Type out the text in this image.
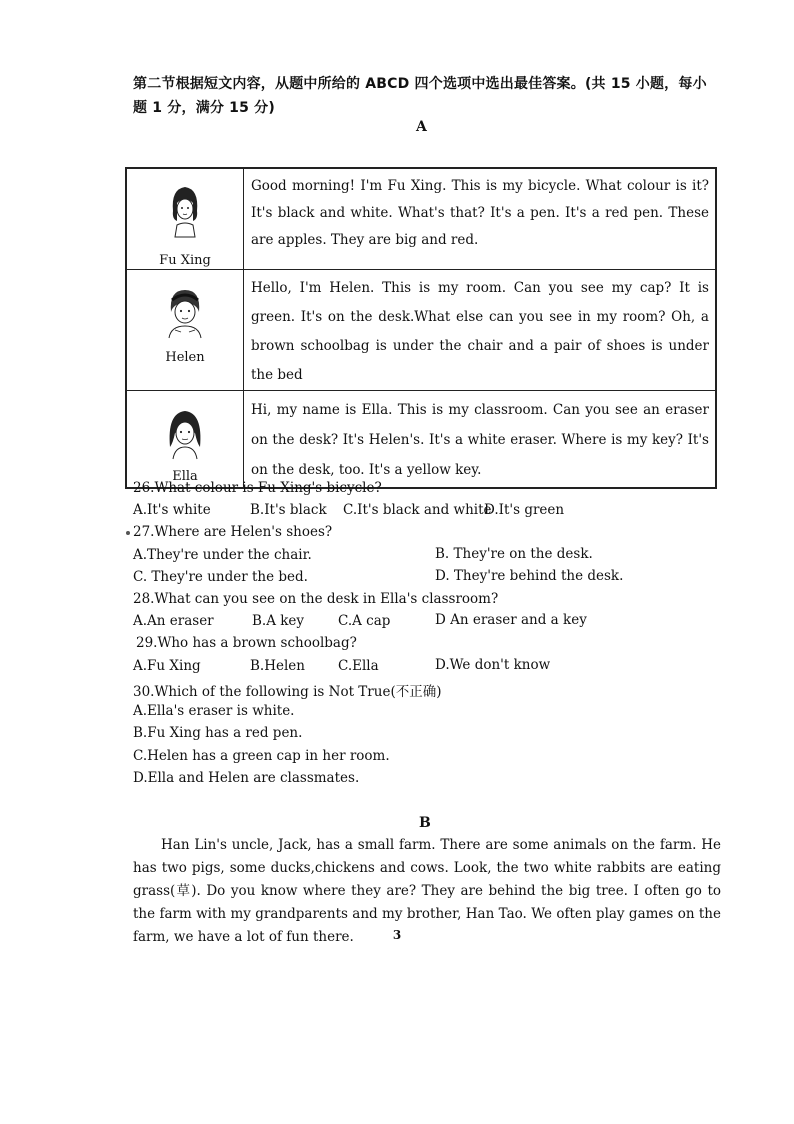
第二节根据短文内容，从题中所给的 ABCD 四个选项中选出最佳答案。(共 15 小题，每小
题 1 分，满分 15 分)
A
Fu Xing	Good morning! I'm Fu Xing. This is my bicycle. What colour is it? It's black and white. What's that? It's a pen. It's a red pen. These are apples. They are big and red.

Helen	Hello, I'm Helen. This is my room. Can you see my cap? It is green. It's on the desk.What else can you see in my room? Oh, a brown schoolbag is under the chair and a pair of shoes is under the bed

Ella	Hi, my name is Ella. This is my classroom. Can you see an eraser on the desk? It's Helen's. It's a white eraser. Where is my key? It's on the desk, too. It's a yellow key.
26.What colour is Fu Xing's bicycle?
A.It's white	B.It's black C.It's black and white
D.It's green
27.Where are Helen's shoes?
A.They're under the chair.	B. They're on the desk.
C. They're under the bed.	D. They're behind the desk.
28.What can you see on the desk in Ella's classroom?
A.An eraser	B.A key	C.A cap	D An eraser and a key
29.Who has a brown schoolbag?
A.Fu Xing	B.Helen C.Ella	D.We don't know
30.Which of the following is Not True(不正确)
A.Ella's eraser is white.
B.Fu Xing has a red pen.
C.Helen has a green cap in her room.
D.Ella and Helen are classmates.
B
Han Lin's uncle, Jack, has a small farm. There are some animals on the farm. He has two pigs, some ducks,chickens and cows. Look, the two white rabbits are eating grass(草). Do you know where they are? They are behind the big tree. I often go to the farm with my grandparents and my brother, Han Tao. We often play games on the farm, we have a lot of fun there.	3
